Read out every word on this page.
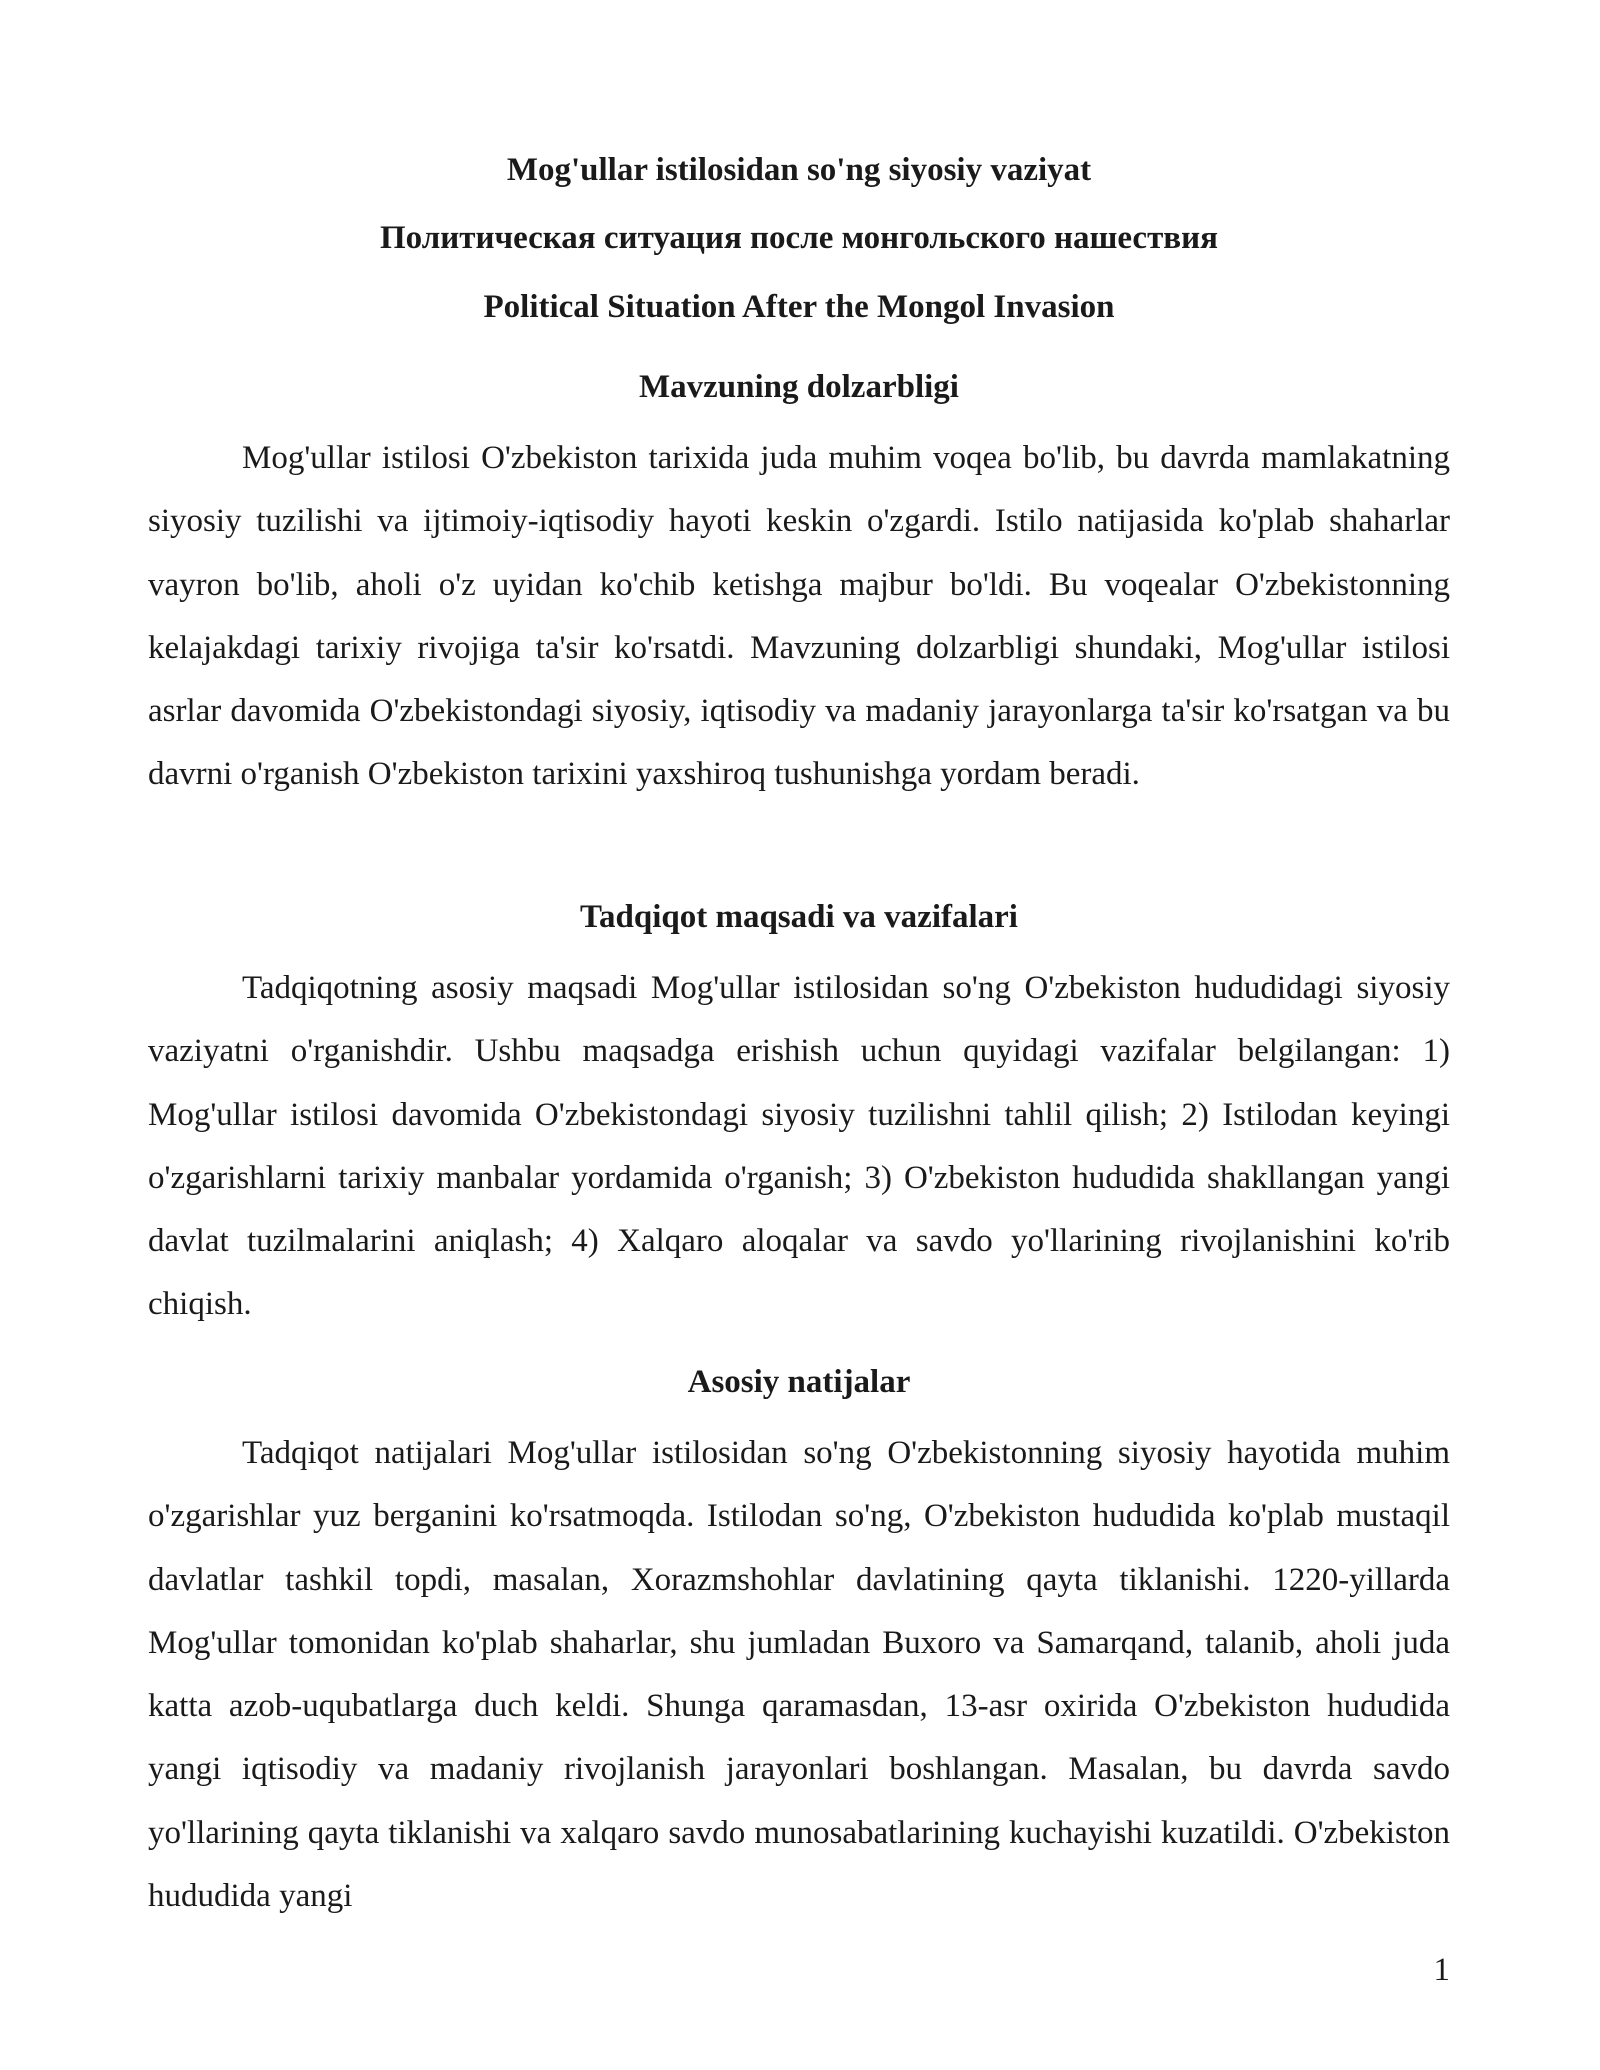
Mog'ullar istilosidan so'ng siyosiy vaziyat

Политическая ситуация после монгольского нашествия

Political Situation After the Mongol Invasion

Mavzuning dolzarbligi

Mog'ullar istilosi O'zbekiston tarixida juda muhim voqea bo'lib, bu davrda mamlakatning siyosiy tuzilishi va ijtimoiy-iqtisodiy hayoti keskin o'zgardi. Istilo natijasida ko'plab shaharlar vayron bo'lib, aholi o'z uyidan ko'chib ketishga majbur bo'ldi. Bu voqealar O'zbekistonning kelajakdagi tarixiy rivojiga ta'sir ko'rsatdi. Mavzuning dolzarbligi shundaki, Mog'ullar istilosi asrlar davomida O'zbekistondagi siyosiy, iqtisodiy va madaniy jarayonlarga ta'sir ko'rsatgan va bu davrni o'rganish O'zbekiston tarixini yaxshiroq tushunishga yordam beradi.

Tadqiqot maqsadi va vazifalari

Tadqiqotning asosiy maqsadi Mog'ullar istilosidan so'ng O'zbekiston hududidagi siyosiy vaziyatni o'rganishdir. Ushbu maqsadga erishish uchun quyidagi vazifalar belgilangan: 1) Mog'ullar istilosi davomida O'zbekistondagi siyosiy tuzilishni tahlil qilish; 2) Istilodan keyingi o'zgarishlarni tarixiy manbalar yordamida o'rganish; 3) O'zbekiston hududida shakllangan yangi davlat tuzilmalarini aniqlash; 4) Xalqaro aloqalar va savdo yo'llarining rivojlanishini ko'rib chiqish.

Asosiy natijalar

Tadqiqot natijalari Mog'ullar istilosidan so'ng O'zbekistonning siyosiy hayotida muhim o'zgarishlar yuz berganini ko'rsatmoqda. Istilodan so'ng, O'zbekiston hududida ko'plab mustaqil davlatlar tashkil topdi, masalan, Xorazmshohlar davlatining qayta tiklanishi. 1220-yillarda Mog'ullar tomonidan ko'plab shaharlar, shu jumladan Buxoro va Samarqand, talanib, aholi juda katta azob-uqubatlarga duch keldi. Shunga qaramasdan, 13-asr oxirida O'zbekiston hududida yangi iqtisodiy va madaniy rivojlanish jarayonlari boshlangan. Masalan, bu davrda savdo yo'llarining qayta tiklanishi va xalqaro savdo munosabatlarining kuchayishi kuzatildi. O'zbekiston hududida yangi

1
